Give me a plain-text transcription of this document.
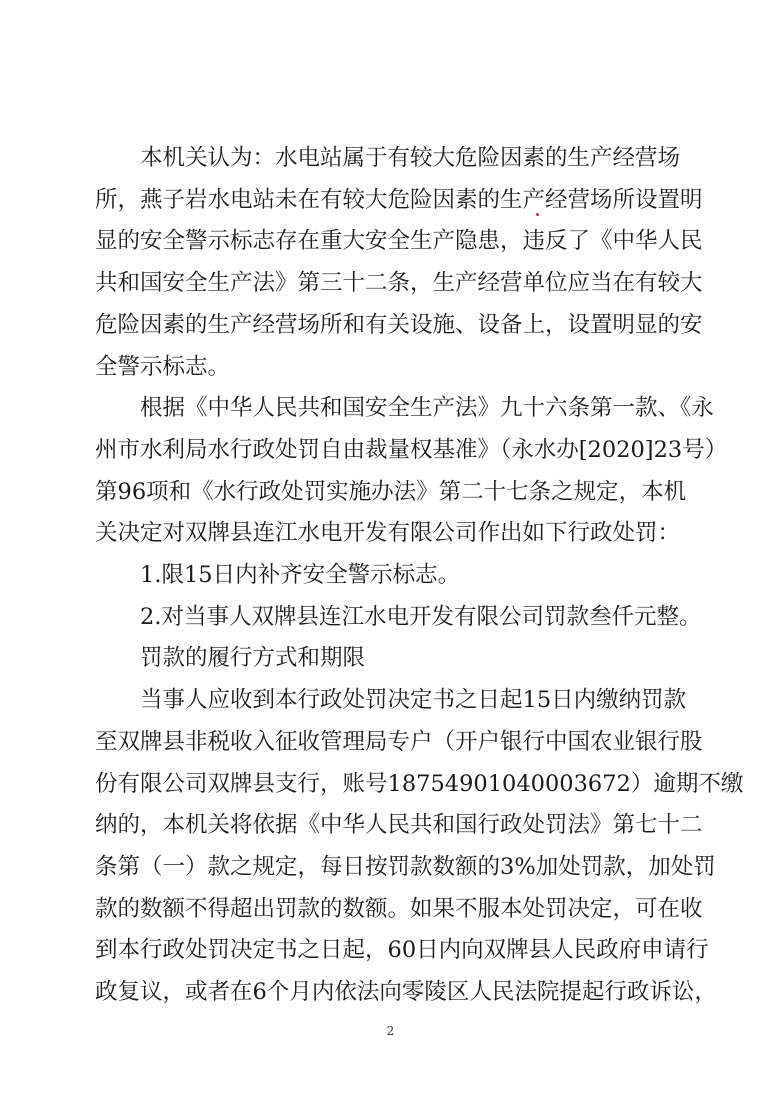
　　本机关认为：水电站属于有较大危险因素的生产经营场
所，燕子岩水电站未在有较大危险因素的生产经营场所设置明
显的安全警示标志存在重大安全生产隐患，违反了《中华人民
共和国安全生产法》第三十二条，生产经营单位应当在有较大
危险因素的生产经营场所和有关设施、设备上，设置明显的安
全警示标志。
　　根据《中华人民共和国安全生产法》九十六条第一款、《永
州市水利局水行政处罚自由裁量权基准》（永水办[2020]23号）
第96项和《水行政处罚实施办法》第二十七条之规定，本机
关决定对双牌县连江水电开发有限公司作出如下行政处罚：
　　1.限15日内补齐安全警示标志。
　　2.对当事人双牌县连江水电开发有限公司罚款叁仟元整。
　　罚款的履行方式和期限
　　当事人应收到本行政处罚决定书之日起15日内缴纳罚款
至双牌县非税收入征收管理局专户（开户银行中国农业银行股
份有限公司双牌县支行，账号18754901040003672）逾期不缴
纳的，本机关将依据《中华人民共和国行政处罚法》第七十二
条第（一）款之规定，每日按罚款数额的3%加处罚款，加处罚
款的数额不得超出罚款的数额。如果不服本处罚决定，可在收
到本行政处罚决定书之日起，60日内向双牌县人民政府申请行
政复议，或者在6个月内依法向零陵区人民法院提起行政诉讼，
2
